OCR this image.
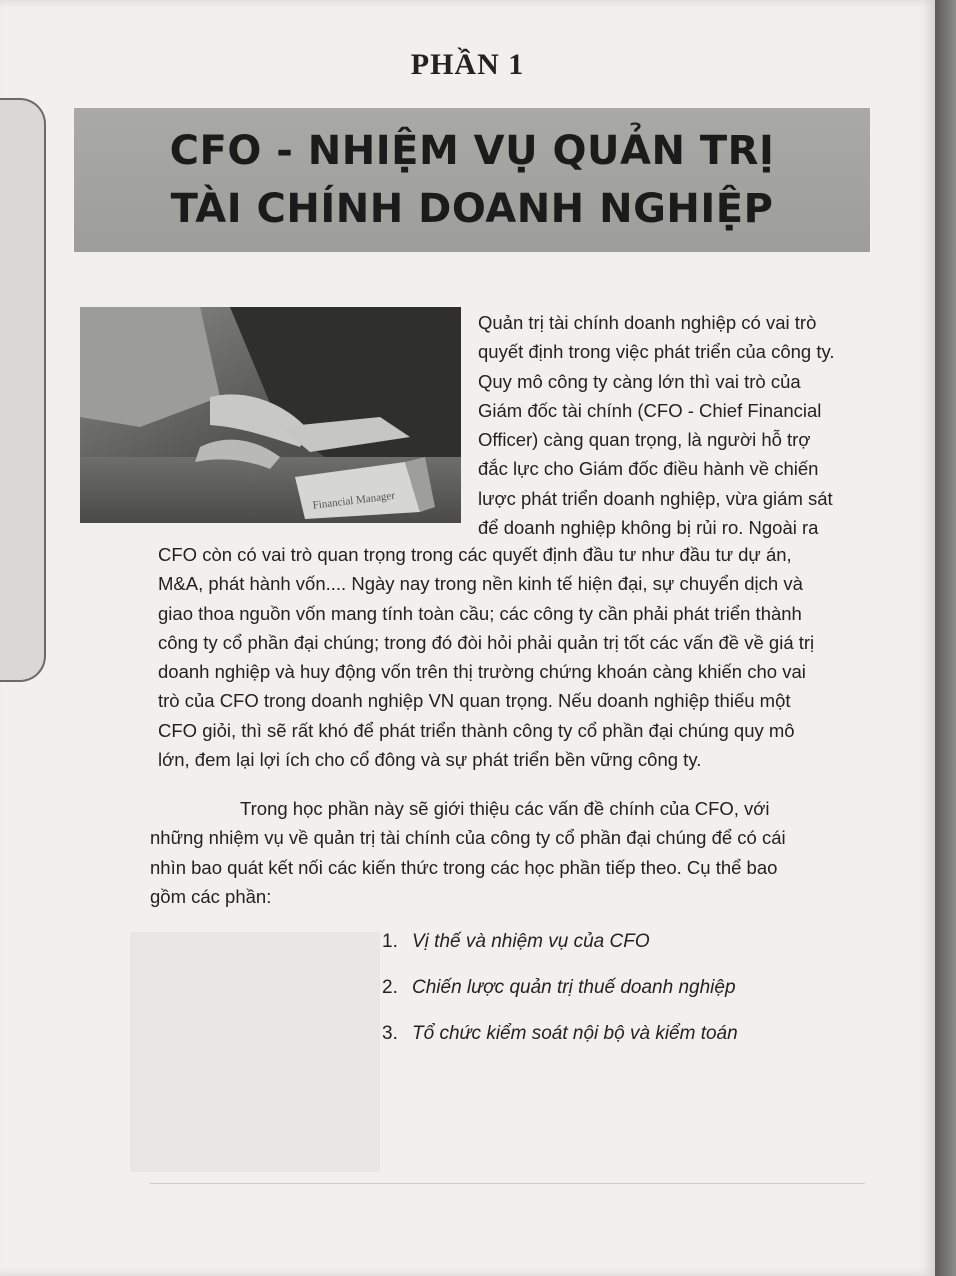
PHẦN 1
CFO - NHIỆM VỤ QUẢN TRỊ
TÀI CHÍNH DOANH NGHIỆP
Financial Manager
Quản trị tài chính doanh nghiệp có vai trò
quyết định trong việc phát triển của công ty.
Quy mô công ty càng lớn thì vai trò của
Giám đốc tài chính (CFO - Chief Financial
Officer) càng quan trọng, là người hỗ trợ
đắc lực cho Giám đốc điều hành về chiến
lược phát triển doanh nghiệp, vừa giám sát
để doanh nghiệp không bị rủi ro. Ngoài ra
CFO còn có vai trò quan trọng trong các quyết định đầu tư như đầu tư dự án,
M&A, phát hành vốn.... Ngày nay trong nền kinh tế hiện đại, sự chuyển dịch và
giao thoa nguồn vốn mang tính toàn cầu; các công ty cần phải phát triển thành
công ty cổ phần đại chúng; trong đó đòi hỏi phải quản trị tốt các vấn đề về giá trị
doanh nghiệp và huy động vốn trên thị trường chứng khoán càng khiến cho vai
trò của CFO trong doanh nghiệp VN quan trọng. Nếu doanh nghiệp thiếu một
CFO giỏi, thì sẽ rất khó để phát triển thành công ty cổ phần đại chúng quy mô
lớn, đem lại lợi ích cho cổ đông và sự phát triển bền vững công ty.
Trong học phần này sẽ giới thiệu các vấn đề chính của CFO, với
những nhiệm vụ về quản trị tài chính của công ty cổ phần đại chúng để có cái
nhìn bao quát kết nối các kiến thức trong các học phần tiếp theo. Cụ thể bao
gồm các phần:
1. Vị thế và nhiệm vụ của CFO
2. Chiến lược quản trị thuế doanh nghiệp
3. Tổ chức kiểm soát nội bộ và kiểm toán
